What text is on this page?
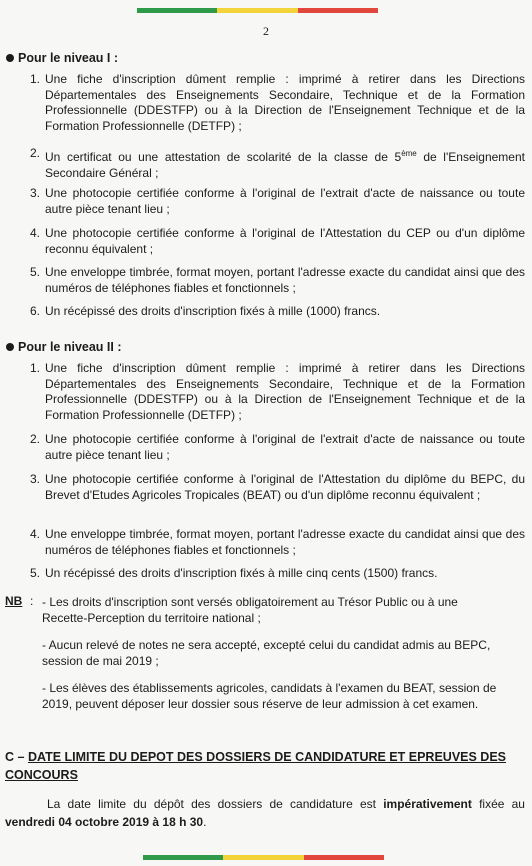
2
Pour le niveau I :
1. Une fiche d'inscription dûment remplie : imprimé à retirer dans les Directions Départementales des Enseignements Secondaire, Technique et de la Formation Professionnelle (DDESTFP) ou à la Direction de l'Enseignement Technique et de la Formation Professionnelle (DETFP) ;
2. Un certificat ou une attestation de scolarité de la classe de 5ème de l'Enseignement Secondaire Général ;
3. Une photocopie certifiée conforme à l'original de l'extrait d'acte de naissance ou toute autre pièce tenant lieu ;
4. Une photocopie certifiée conforme à l'original de l'Attestation du CEP ou d'un diplôme reconnu équivalent ;
5. Une enveloppe timbrée, format moyen, portant l'adresse exacte du candidat ainsi que des numéros de téléphones fiables et fonctionnels ;
6. Un récépissé des droits d'inscription fixés à mille (1000) francs.
Pour le niveau II :
1. Une fiche d'inscription dûment remplie : imprimé à retirer dans les Directions Départementales des Enseignements Secondaire, Technique et de la Formation Professionnelle (DDESTFP) ou à la Direction de l'Enseignement Technique et de la Formation Professionnelle (DETFP) ;
2. Une photocopie certifiée conforme à l'original de l'extrait d'acte de naissance ou toute autre pièce tenant lieu ;
3. Une photocopie certifiée conforme à l'original de l'Attestation du diplôme du BEPC, du Brevet d'Etudes Agricoles Tropicales (BEAT) ou d'un diplôme reconnu équivalent ;
4. Une enveloppe timbrée, format moyen, portant l'adresse exacte du candidat ainsi que des numéros de téléphones fiables et fonctionnels ;
5. Un récépissé des droits d'inscription fixés à mille cinq cents (1500) francs.
NB : - Les droits d'inscription sont versés obligatoirement au Trésor Public ou à une Recette-Perception du territoire national ;
- Aucun relevé de notes ne sera accepté, excepté celui du candidat admis au BEPC, session de mai 2019 ;
- Les élèves des établissements agricoles, candidats à l'examen du BEAT, session de 2019, peuvent déposer leur dossier sous réserve de leur admission à cet examen.
C – DATE LIMITE DU DEPOT DES DOSSIERS DE CANDIDATURE ET EPREUVES DES CONCOURS
La date limite du dépôt des dossiers de candidature est impérativement fixée au vendredi 04 octobre 2019 à 18 h 30.
